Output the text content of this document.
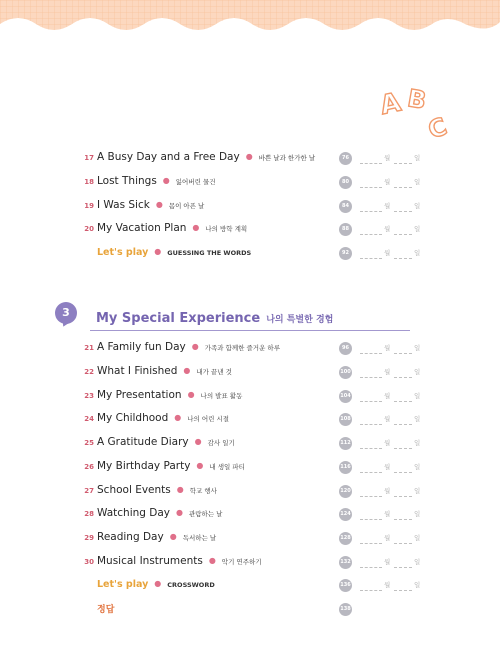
A B
C
17 A Busy Day and a Free Day ● 바쁜 날과 한가한 날	76	월	일
18 Lost Things ● 잃어버린 물건	80	월	일
19 I Was Sick ● 몸이 아픈 날	84	월	일
20 My Vacation Plan ● 나의 방학 계획	88	월	일
Let's play ● GUESSING THE WORDS	92	월	일
3	My Special Experience 나의 특별한 경험
21 A Family fun Day ● 가족과 함께한 즐거운 하루	96	월	일
22 What I Finished ● 내가 끝낸 것	100	월	일
23 My Presentation ● 나의 발표 활동	104	월	일
24 My Childhood ● 나의 어린 시절	108	월	일
25 A Gratitude Diary ● 감사 일기	112	월	일
26 My Birthday Party ● 내 생일 파티	116	월	일
27 School Events ● 학교 행사	120	월	일
28 Watching Day ● 관람하는 날	124	월	일
29 Reading Day ● 독서하는 날	128	월	일
30 Musical Instruments ● 악기 연주하기	132	월	일
Let's play ● CROSSWORD	136	월	일
정답	138
